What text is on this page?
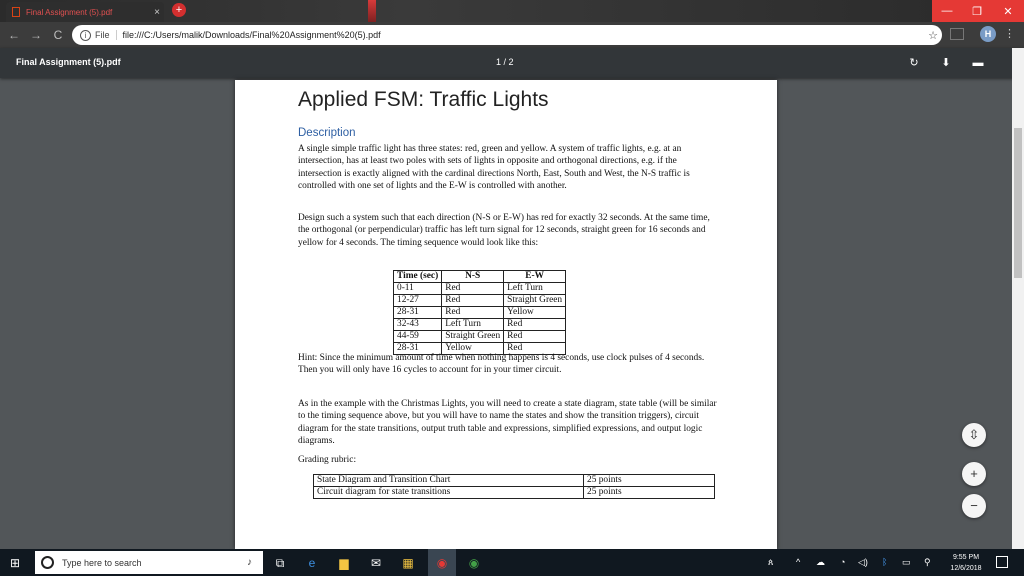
Final Assignment (5).pdf	×	+	—	❐	✕
← → C	i File	file:///C:/Users/malik/Downloads/Final%20Assignment%20(5).pdf	☆	H	⋮
Final Assignment (5).pdf	1 / 2	↻	⬇	▬
Applied FSM: Traffic Lights
Description
A single simple traffic light has three states: red, green and yellow. A system of traffic lights, e.g. at an intersection, has at least two poles with sets of lights in opposite and orthogonal directions, e.g. if the intersection is exactly aligned with the cardinal directions North, East, South and West, the N-S traffic is controlled with one set of lights and the E-W is controlled with another.
Design such a system such that each direction (N-S or E-W) has red for exactly 32 seconds. At the same time, the orthogonal (or perpendicular) traffic has left turn signal for 12 seconds, straight green for 16 seconds and yellow for 4 seconds. The timing sequence would look like this:
Time (sec)	N-S	E-W
0-11	Red	Left Turn
12-27	Red	Straight Green
28-31	Red	Yellow
32-43	Left Turn	Red
44-59	Straight Green	Red
28-31	Yellow	Red
Hint: Since the minimum amount of time when nothing happens is 4 seconds, use clock pulses of 4 seconds. Then you will only have 16 cycles to account for in your timer circuit.
As in the example with the Christmas Lights, you will need to create a state diagram, state table (will be similar to the timing sequence above, but you will have to name the states and show the transition triggers), circuit diagram for the state transitions, output truth table and expressions, simplified expressions, and output logic diagrams.
Grading rubric:
State Diagram and Transition Chart	25 points
Circuit diagram for state transitions	25 points
⇳
+
−
⊞	Type here to search	♪	⧉	e	▆ ✉ ▦ ◉ ◉	ጰ	^ ☁ ◔ ◁) ᛒ ▭ ⚲	9:55 PM
12/6/2018
